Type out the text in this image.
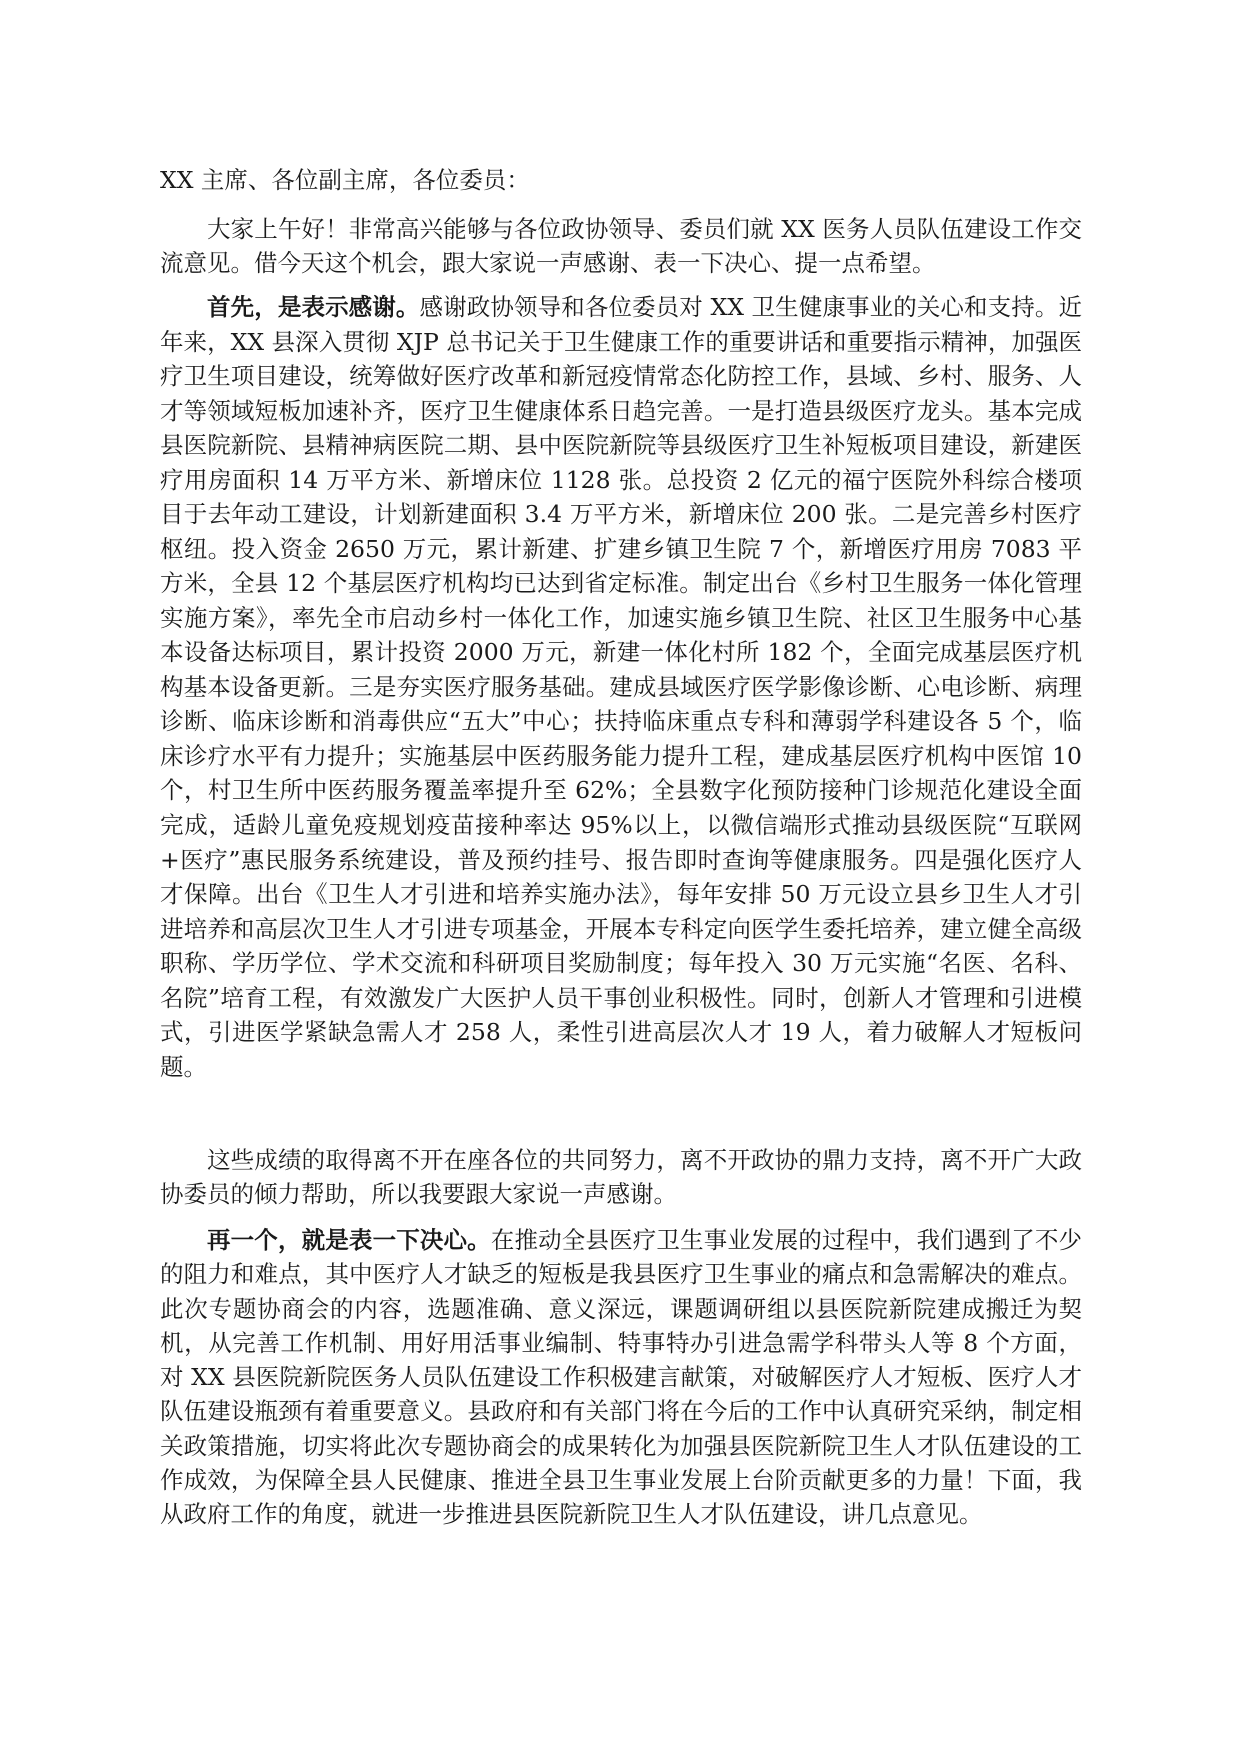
XX 主席、各位副主席，各位委员：

大家上午好！非常高兴能够与各位政协领导、委员们就 XX 医务人员队伍建设工作交流意见。借今天这个机会，跟大家说一声感谢、表一下决心、提一点希望。

首先，是表示感谢。感谢政协领导和各位委员对 XX 卫生健康事业的关心和支持。近年来，XX 县深入贯彻 XJP 总书记关于卫生健康工作的重要讲话和重要指示精神，加强医疗卫生项目建设，统筹做好医疗改革和新冠疫情常态化防控工作，县域、乡村、服务、人才等领域短板加速补齐，医疗卫生健康体系日趋完善。一是打造县级医疗龙头。基本完成县医院新院、县精神病医院二期、县中医院新院等县级医疗卫生补短板项目建设，新建医疗用房面积 14 万平方米、新增床位 1128 张。总投资 2 亿元的福宁医院外科综合楼项目于去年动工建设，计划新建面积 3.4 万平方米，新增床位 200 张。二是完善乡村医疗枢纽。投入资金 2650 万元，累计新建、扩建乡镇卫生院 7 个，新增医疗用房 7083 平方米，全县 12 个基层医疗机构均已达到省定标准。制定出台《乡村卫生服务一体化管理实施方案》，率先全市启动乡村一体化工作，加速实施乡镇卫生院、社区卫生服务中心基本设备达标项目，累计投资 2000 万元，新建一体化村所 182 个，全面完成基层医疗机构基本设备更新。三是夯实医疗服务基础。建成县域医疗医学影像诊断、心电诊断、病理诊断、临床诊断和消毒供应“五大”中心；扶持临床重点专科和薄弱学科建设各 5 个，临床诊疗水平有力提升；实施基层中医药服务能力提升工程，建成基层医疗机构中医馆 10 个，村卫生所中医药服务覆盖率提升至 62%；全县数字化预防接种门诊规范化建设全面完成，适龄儿童免疫规划疫苗接种率达 95%以上，以微信端形式推动县级医院“互联网+医疗”惠民服务系统建设，普及预约挂号、报告即时查询等健康服务。四是强化医疗人才保障。出台《卫生人才引进和培养实施办法》，每年安排 50 万元设立县乡卫生人才引进培养和高层次卫生人才引进专项基金，开展本专科定向医学生委托培养，建立健全高级职称、学历学位、学术交流和科研项目奖励制度；每年投入 30 万元实施“名医、名科、名院”培育工程，有效激发广大医护人员干事创业积极性。同时，创新人才管理和引进模式，引进医学紧缺急需人才 258 人，柔性引进高层次人才 19 人，着力破解人才短板问题。

这些成绩的取得离不开在座各位的共同努力，离不开政协的鼎力支持，离不开广大政协委员的倾力帮助，所以我要跟大家说一声感谢。

再一个，就是表一下决心。在推动全县医疗卫生事业发展的过程中，我们遇到了不少的阻力和难点，其中医疗人才缺乏的短板是我县医疗卫生事业的痛点和急需解决的难点。此次专题协商会的内容，选题准确、意义深远，课题调研组以县医院新院建成搬迁为契机，从完善工作机制、用好用活事业编制、特事特办引进急需学科带头人等 8 个方面，对 XX 县医院新院医务人员队伍建设工作积极建言献策，对破解医疗人才短板、医疗人才队伍建设瓶颈有着重要意义。县政府和有关部门将在今后的工作中认真研究采纳，制定相关政策措施，切实将此次专题协商会的成果转化为加强县医院新院卫生人才队伍建设的工作成效，为保障全县人民健康、推进全县卫生事业发展上台阶贡献更多的力量！下面，我从政府工作的角度，就进一步推进县医院新院卫生人才队伍建设，讲几点意见。
